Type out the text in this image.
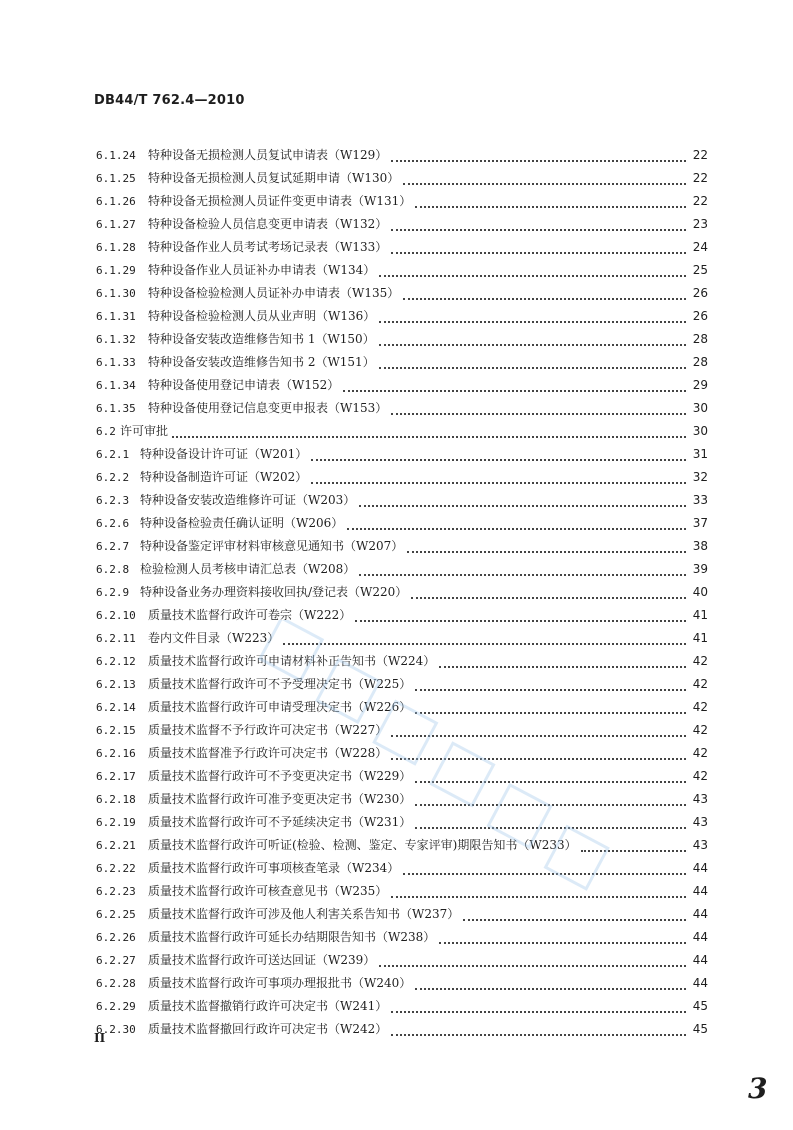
DB44/T 762.4—2010
6.1.24	特种设备无损检测人员复试申请表（W129）	22
6.1.25	特种设备无损检测人员复试延期申请（W130）	22
6.1.26	特种设备无损检测人员证件变更申请表（W131）	22
6.1.27	特种设备检验人员信息变更申请表（W132）	23
6.1.28	特种设备作业人员考试考场记录表（W133）	24
6.1.29	特种设备作业人员证补办申请表（W134）	25
6.1.30	特种设备检验检测人员证补办申请表（W135）	26
6.1.31	特种设备检验检测人员从业声明（W136）	26
6.1.32	特种设备安装改造维修告知书 1（W150）	28
6.1.33	特种设备安装改造维修告知书 2（W151）	28
6.1.34	特种设备使用登记申请表（W152）	29
6.1.35	特种设备使用登记信息变更申报表（W153）	30
6.2 许可审批	30
6.2.1 特种设备设计许可证（W201）	31
6.2.2 特种设备制造许可证（W202）	32
6.2.3 特种设备安装改造维修许可证（W203）	33
6.2.6 特种设备检验责任确认证明（W206）	37
6.2.7 特种设备鉴定评审材料审核意见通知书（W207）	38
6.2.8 检验检测人员考核申请汇总表（W208）	39
6.2.9 特种设备业务办理资料接收回执/登记表（W220）	40
6.2.10	质量技术监督行政许可卷宗（W222）	41
6.2.11	卷内文件目录（W223）	41
6.2.12	质量技术监督行政许可申请材料补正告知书（W224）	42
6.2.13	质量技术监督行政许可不予受理决定书（W225）	42
6.2.14	质量技术监督行政许可申请受理决定书（W226）	42
6.2.15	质量技术监督不予行政许可决定书（W227）	42
6.2.16	质量技术监督准予行政许可决定书（W228）	42
6.2.17	质量技术监督行政许可不予变更决定书（W229）	42
6.2.18	质量技术监督行政许可准予变更决定书（W230）	43
6.2.19	质量技术监督行政许可不予延续决定书（W231）	43
6.2.21	质量技术监督行政许可听证(检验、检测、鉴定、专家评审)期限告知书（W233）	43
6.2.22	质量技术监督行政许可事项核查笔录（W234）	44
6.2.23	质量技术监督行政许可核查意见书（W235）	44
6.2.25	质量技术监督行政许可涉及他人利害关系告知书（W237）	44
6.2.26	质量技术监督行政许可延长办结期限告知书（W238）	44
6.2.27	质量技术监督行政许可送达回证（W239）	44
6.2.28	质量技术监督行政许可事项办理报批书（W240）	44
6.2.29	质量技术监督撤销行政许可决定书（W241）	45
6.2.30	质量技术监督撤回行政许可决定书（W242）	45
II
3
